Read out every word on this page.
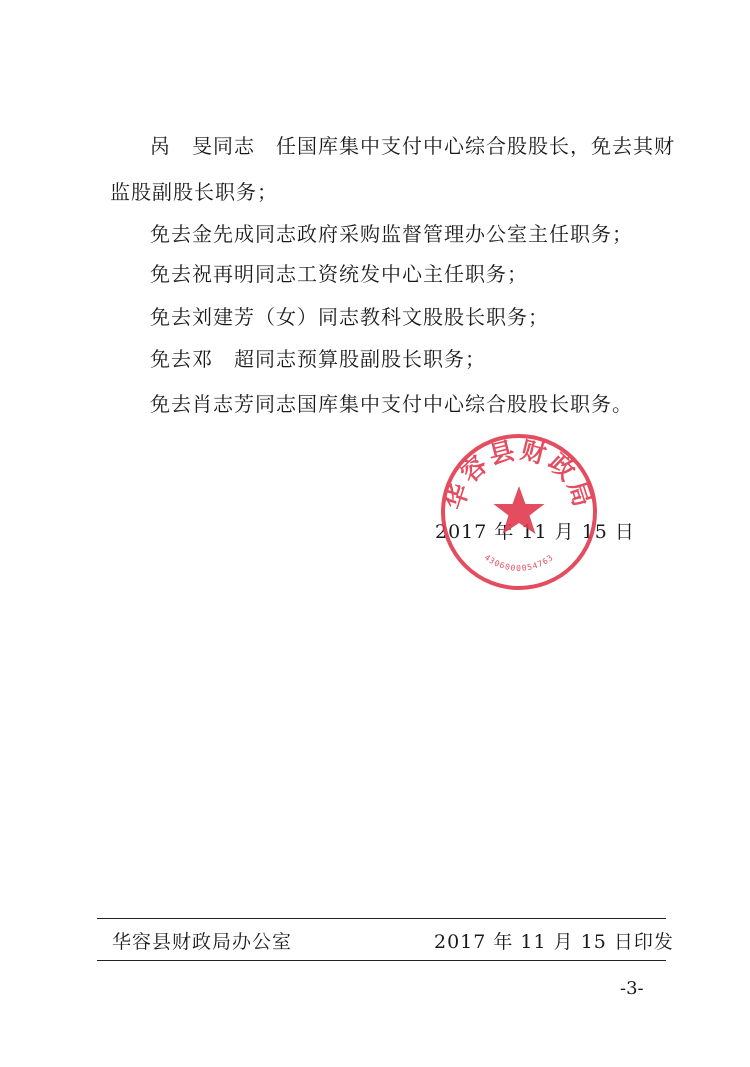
呙　旻同志　任国库集中支付中心综合股股长，免去其财
监股副股长职务；
免去金先成同志政府采购监督管理办公室主任职务；
免去祝再明同志工资统发中心主任职务；
免去刘建芳（女）同志教科文股股长职务；
免去邓　超同志预算股副股长职务；
免去肖志芳同志国库集中支付中心综合股股长职务。
2017 年 11 月 15 日
华容县财政局
4306000054763
华容县财政局办公室	2017 年 11 月 15 日印发
-3-
